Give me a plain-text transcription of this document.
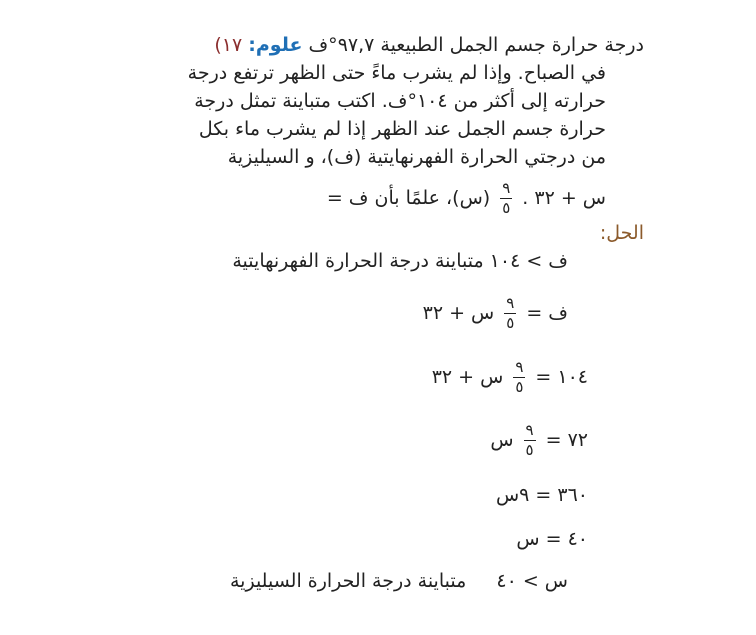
١٧) علوم: درجة حرارة جسم الجمل الطبيعية ٩٧,٧°ف
في الصباح. وإذا لم يشرب ماءً حتى الظهر ترتفع درجة
حرارته إلى أكثر من ١٠٤°ف. اكتب متباينة تمثل درجة
حرارة جسم الجمل عند الظهر إذا لم يشرب ماء بكل
من درجتي الحرارة الفهرنهايتية (ف)، و السيليزية
(س)، علمًا بأن ف = $\frac{٩}{٥}$ س + ٣٢ .
الحل:
ف > ١٠٤ متباينة درجة الحرارة الفهرنهايتية
ف =
$\frac{٩}{٥}$
س + ٣٢
١٠٤ =
$\frac{٩}{٥}$
س + ٣٢
٧٢ =
$\frac{٩}{٥}$
س
٣٦٠ = ٩س
٤٠ = س
س > ٤٠  متباينة درجة الحرارة السيليزية
